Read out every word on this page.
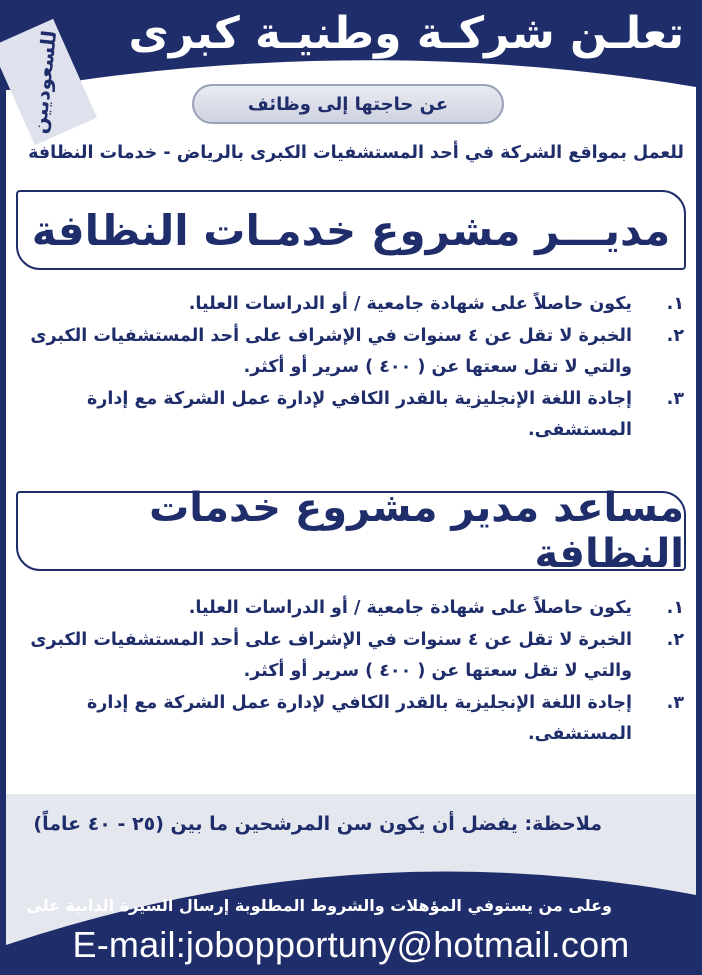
تعلـن شركـة وطنيـة كبرى
للسعوديين	عن حاجتها إلى وظائف
للعمل بمواقع الشركة في أحد المستشفيات الكبرى بالرياض - خدمات النظافة
مديـــر مشروع خدمـات النظافة
١.
يكون حاصلاً على شهادة جامعية / أو الدراسات العليا.
٢.
الخبرة لا تقل عن ٤ سنوات في الإشراف على أحد المستشفيات الكبرى والتي لا تقل سعتها عن ( ٤٠٠ ) سرير أو أكثر.
٣.
إجادة اللغة الإنجليزية بالقدر الكافي لإدارة عمل الشركة مع إدارة المستشفى.
مساعد مدير مشروع خدمات النظافة
١.
يكون حاصلاً على شهادة جامعية / أو الدراسات العليا.
٢.
الخبرة لا تقل عن ٤ سنوات في الإشراف على أحد المستشفيات الكبرى والتي لا تقل سعتها عن ( ٤٠٠ ) سرير أو أكثر.
٣.
إجادة اللغة الإنجليزية بالقدر الكافي لإدارة عمل الشركة مع إدارة المستشفى.
ملاحظة: يفضل أن يكون سن المرشحين ما بين (٢٥ - ٤٠ عاماً)
وعلى من يستوفي المؤهلات والشروط المطلوبة إرسال السيرة الذاتية على
E-mail:jobopportuny@hotmail.com
